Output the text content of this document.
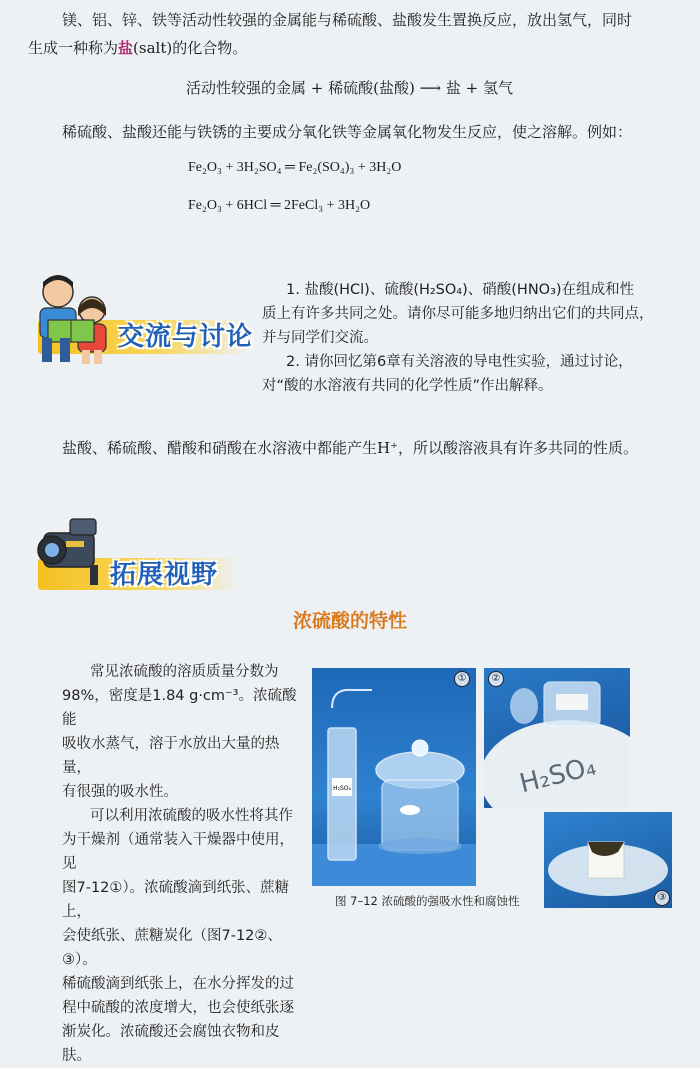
镁、铝、锌、铁等活动性较强的金属能与稀硫酸、盐酸发生置换反应，放出氢气，同时

生成一种称为盐(salt)的化合物。

活动性较强的金属 + 稀硫酸(盐酸) ⟶ 盐 + 氢气

稀硫酸、盐酸还能与铁锈的主要成分氧化铁等金属氧化物发生反应，使之溶解。例如：

Fe₂O₃ + 3H₂SO₄ ═ Fe₂(SO₄)₃ + 3H₂O
Fe₂O₃ + 6HCl ═ 2FeCl₃ + 3H₂O
交流与讨论
1. 盐酸(HCl)、硫酸(H₂SO₄)、硝酸(HNO₃)在组成和性
质上有许多共同之处。请你尽可能多地归纳出它们的共同点，
并与同学们交流。
2. 请你回忆第6章有关溶液的导电性实验，通过讨论，
对“酸的水溶液有共同的化学性质”作出解释。

盐酸、稀硫酸、醋酸和硝酸在水溶液中都能产生H⁺，所以酸溶液具有许多共同的性质。

拓展视野
浓硫酸的特性
常见浓硫酸的溶质质量分数为
98%，密度是1.84 g·cm⁻³。浓硫酸能
吸收水蒸气，溶于水放出大量的热量，
有很强的吸水性。
可以利用浓硫酸的吸水性将其作
为干燥剂（通常装入干燥器中使用，见
图7-12①）。浓硫酸滴到纸张、蔗糖上，
会使纸张、蔗糖炭化（图7-12②、③）。
稀硫酸滴到纸张上，在水分挥发的过
程中硫酸的浓度增大，也会使纸张逐
渐炭化。浓硫酸还会腐蚀衣物和皮肤。
H₂SO₄
①
H₂SO₄
②
③
图 7–12 浓硫酸的强吸水性和腐蚀性
